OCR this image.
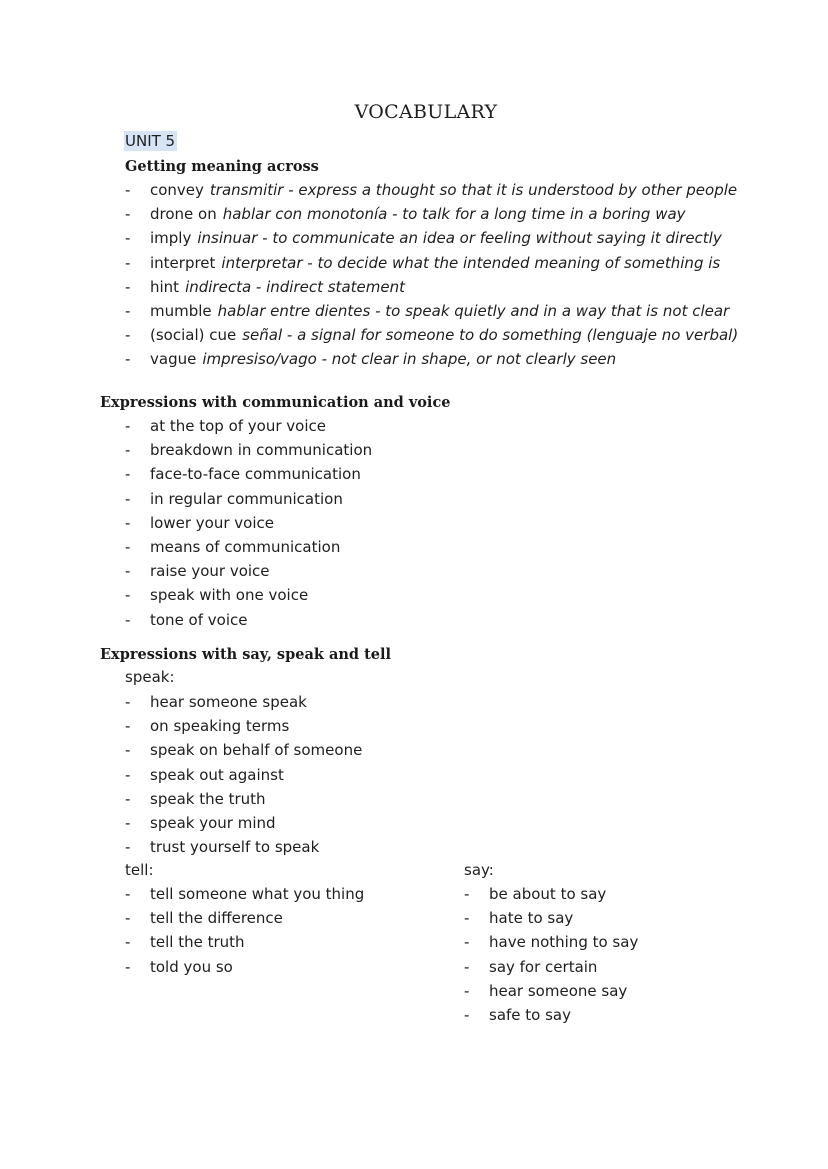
VOCABULARY
UNIT 5
Getting meaning across
- convey transmitir - express a thought so that it is understood by other people
- drone on hablar con monotonía - to talk for a long time in a boring way
- imply insinuar - to communicate an idea or feeling without saying it directly
- interpret interpretar - to decide what the intended meaning of something is
- hint indirecta - indirect statement
- mumble hablar entre dientes - to speak quietly and in a way that is not clear
- (social) cue señal - a signal for someone to do something (lenguaje no verbal)
- vague impresiso/vago - not clear in shape, or not clearly seen
Expressions with communication and voice
- at the top of your voice
- breakdown in communication
- face-to-face communication
- in regular communication
- lower your voice
- means of communication
- raise your voice
- speak with one voice
- tone of voice
Expressions with say, speak and tell
speak:
- hear someone speak
- on speaking terms
- speak on behalf of someone
- speak out against
- speak the truth
- speak your mind
- trust yourself to speak
tell:
- tell someone what you thing
- tell the difference
- tell the truth
- told you so
say:
- be about to say
- hate to say
- have nothing to say
- say for certain
- hear someone say
- safe to say
